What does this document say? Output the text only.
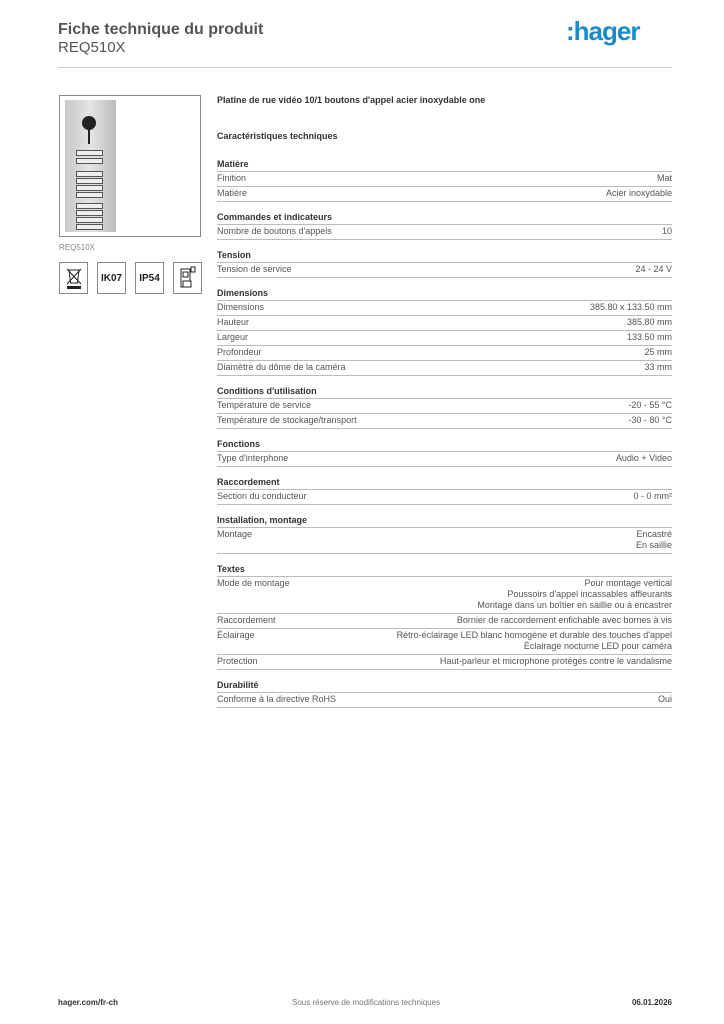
Fiche technique du produit
REQ510X
:hager
REQ510X
IK07	IP54
Platine de rue vidéo 10/1 boutons d'appel acier inoxydable one
Caractéristiques techniques
Matière
Finition	Mat
Matière	Acier inoxydable
Commandes et indicateurs
Nombre de boutons d'appels	10
Tension
Tension de service	24 - 24 V
Dimensions
Dimensions	385.80 x 133.50 mm
Hauteur	385.80 mm
Largeur	133.50 mm
Profondeur	25 mm
Diamètre du dôme de la caméra	33 mm
Conditions d'utilisation
Température de service	-20 - 55 °C
Température de stockage/transport	-30 - 80 °C
Fonctions
Type d'interphone	Audio + Video
Raccordement
Section du conducteur	0 - 0 mm²
Installation, montage
Montage	Encastré
En saillie
Textes
Mode de montage	Pour montage vertical
Poussoirs d'appel incassables affleurants
Montage dans un boîtier en saillie ou à encastrer
Raccordement	Bornier de raccordement enfichable avec bornes à vis
Éclairage	Rétro-éclairage LED blanc homogène et durable des touches d'appel
Éclairage nocturne LED pour caméra
Protection	Haut-parleur et microphone protégés contre le vandalisme
Durabilité
Conforme à la directive RoHS	Oui
hager.com/fr-ch	Sous réserve de modifications techniques	06.01.2026
